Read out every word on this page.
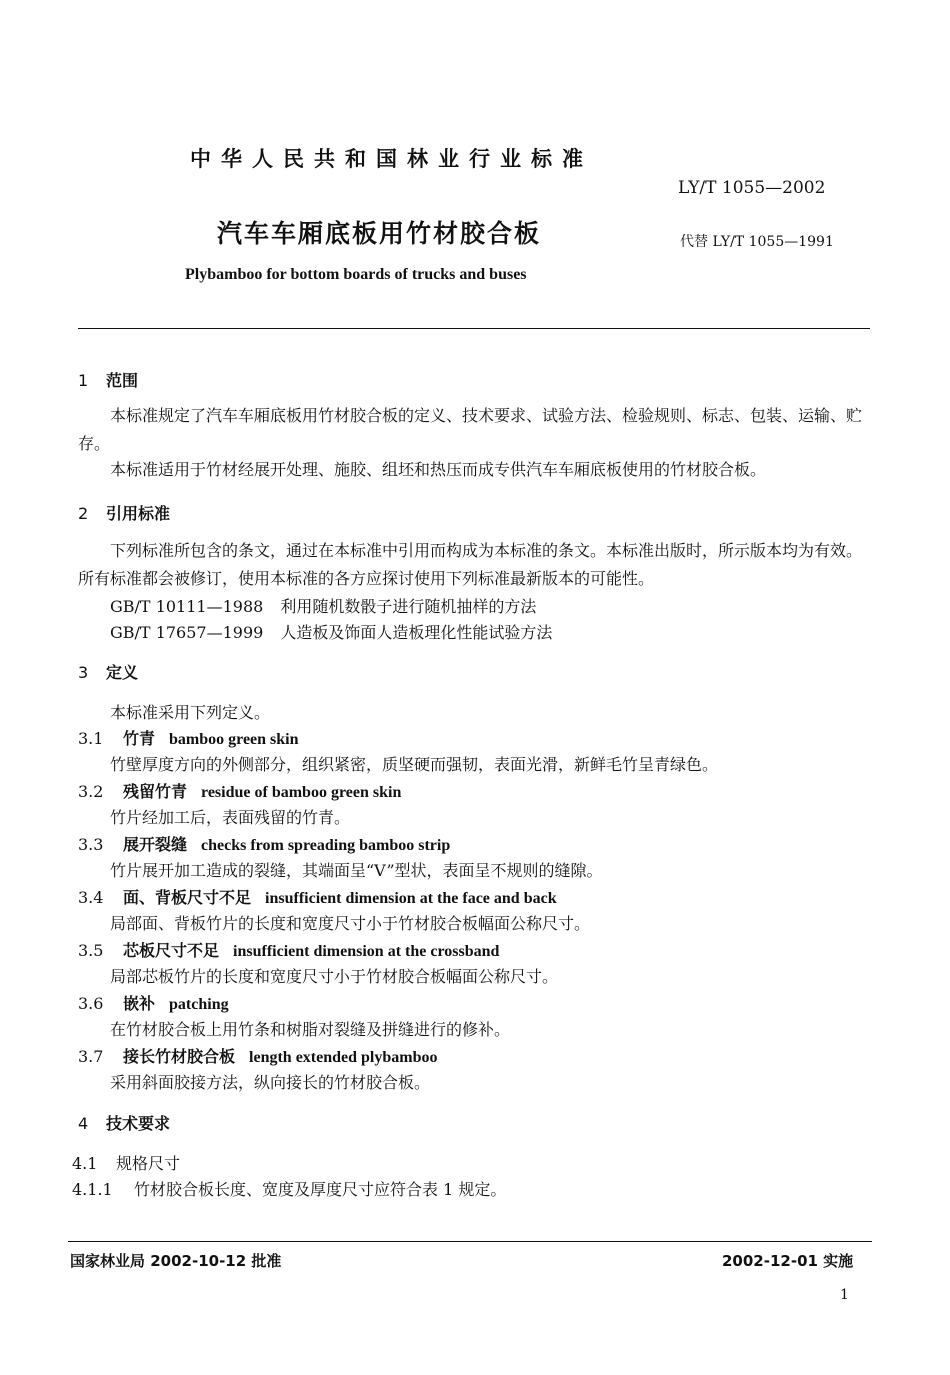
中华人民共和国林业行业标准
LY/T 1055—2002
汽车车厢底板用竹材胶合板	代替 LY/T 1055—1991
Plybamboo for bottom boards of trucks and buses
1 范围
本标准规定了汽车车厢底板用竹材胶合板的定义、技术要求、试验方法、检验规则、标志、包装、运输、贮存。
本标准适用于竹材经展开处理、施胶、组坯和热压而成专供汽车车厢底板使用的竹材胶合板。
2 引用标准
下列标准所包含的条文，通过在本标准中引用而构成为本标准的条文。本标准出版时，所示版本均为有效。所有标准都会被修订，使用本标准的各方应探讨使用下列标准最新版本的可能性。
GB/T 10111—1988 利用随机数骰子进行随机抽样的方法
GB/T 17657—1999 人造板及饰面人造板理化性能试验方法
3 定义
本标准采用下列定义。
3.1 竹青 bamboo green skin
竹壁厚度方向的外侧部分，组织紧密，质坚硬而强韧，表面光滑，新鲜毛竹呈青绿色。
3.2 残留竹青 residue of bamboo green skin
竹片经加工后，表面残留的竹青。
3.3 展开裂缝 checks from spreading bamboo strip
竹片展开加工造成的裂缝，其端面呈“V”型状，表面呈不规则的缝隙。
3.4 面、背板尺寸不足 insufficient dimension at the face and back
局部面、背板竹片的长度和宽度尺寸小于竹材胶合板幅面公称尺寸。
3.5 芯板尺寸不足 insufficient dimension at the crossband
局部芯板竹片的长度和宽度尺寸小于竹材胶合板幅面公称尺寸。
3.6 嵌补 patching
在竹材胶合板上用竹条和树脂对裂缝及拼缝进行的修补。
3.7 接长竹材胶合板 length extended plybamboo
采用斜面胶接方法，纵向接长的竹材胶合板。
4 技术要求
4.1 规格尺寸
4.1.1 竹材胶合板长度、宽度及厚度尺寸应符合表 1 规定。
国家林业局 2002-10-12 批准	2002-12-01 实施
1
